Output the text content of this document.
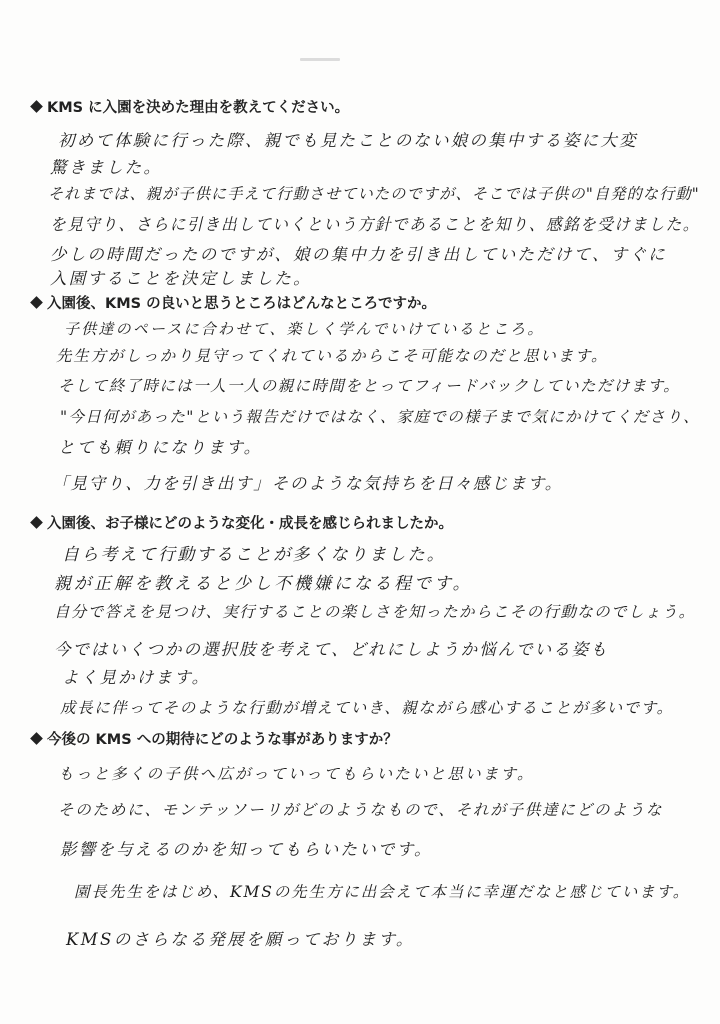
KMS に入園を決めた理由を教えてください。
初めて体験に行った際、親でも見たことのない娘の集中する姿に大変
驚きました。
それまでは、親が子供に手えて行動させていたのですが、そこでは子供の"自発的な行動"
を見守り、さらに引き出していくという方針であることを知り、感銘を受けました。
少しの時間だったのですが、娘の集中力を引き出していただけて、すぐに
入園することを決定しました。
入園後、KMS の良いと思うところはどんなところですか。
子供達のペースに合わせて、楽しく学んでいけているところ。
先生方がしっかり見守ってくれているからこそ可能なのだと思います。
そして終了時には一人一人の親に時間をとってフィードバックしていただけます。
"今日何があった"という報告だけではなく、家庭での様子まで気にかけてくださり、
とても頼りになります。
「見守り、力を引き出す」そのような気持ちを日々感じます。
入園後、お子様にどのような変化・成長を感じられましたか。
自ら考えて行動することが多くなりました。
親が正解を教えると少し不機嫌になる程です。
自分で答えを見つけ、実行することの楽しさを知ったからこその行動なのでしょう。
今ではいくつかの選択肢を考えて、どれにしようか悩んでいる姿も
よく見かけます。
成長に伴ってそのような行動が増えていき、親ながら感心することが多いです。
今後の KMS への期待にどのような事がありますか？
もっと多くの子供へ広がっていってもらいたいと思います。
そのために、モンテッソーリがどのようなもので、それが子供達にどのような
影響を与えるのかを知ってもらいたいです。
園長先生をはじめ、KMSの先生方に出会えて本当に幸運だなと感じています。
KMSのさらなる発展を願っております。
